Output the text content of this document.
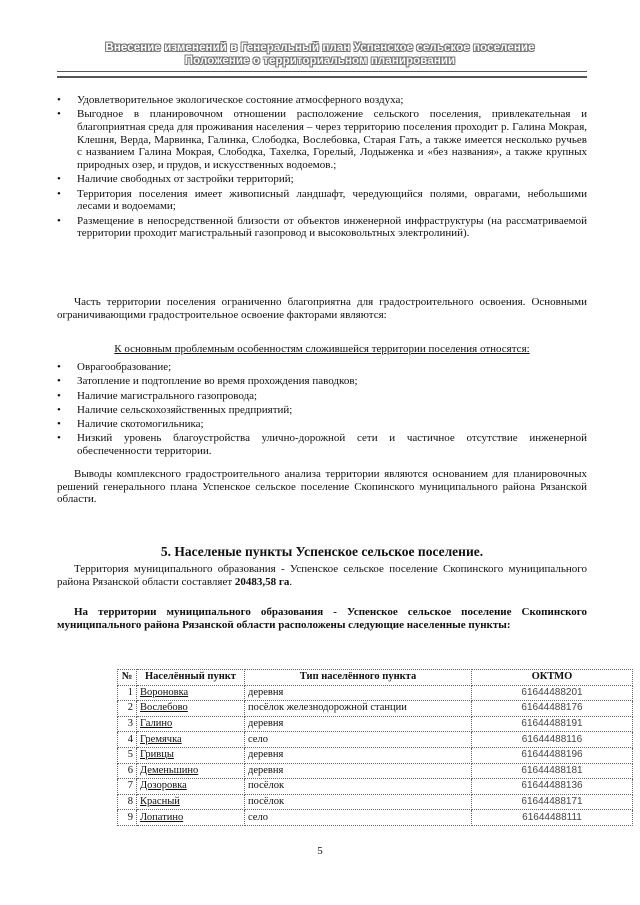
Внесение изменений в Генеральный план Успенское сельское поселение
Положение о территориальном планировании
• Удовлетворительное экологическое состояние атмосферного воздуха;
• Выгодное в планировочном отношении расположение сельского поселения, привлекательная и благоприятная среда для проживания населения – через территорию поселения проходит р. Галина Мокрая, Клешня, Верда, Марвинка, Галинка, Слободка, Вослебовка, Старая Гать, а также имеется несколько ручьев с названием Галина Мокрая, Слободка, Тахелка, Горелый, Лодыженка и «без названия», а также крупных природных озер, и прудов, и искусственных водоемов.;
• Наличие свободных от застройки территорий;
• Территория поселения имеет живописный ландшафт, чередующийся полями, оврагами, небольшими лесами и водоемами;
• Размещение в непосредственной близости от объектов инженерной инфраструктуры (на рассматриваемой территории проходит магистральный газопровод и высоковольтных электролиний).

Часть территории поселения ограниченно благоприятна для градостроительного освоения. Основными ограничивающими градостроительное освоение факторами являются:

К основным проблемным особенностям сложившейся территории поселения относятся:
• Оврагообразование;
• Затопление и подтопление во время прохождения паводков;
• Наличие магистрального газопровода;
• Наличие сельскохозяйственных предприятий;
• Наличие скотомогильника;
• Низкий уровень благоустройства улично-дорожной сети и частичное отсутствие инженерной обеспеченности территории.

Выводы комплексного градостроительного анализа территории являются основанием для планировочных решений генерального плана Успенское сельское поселение Скопинского муниципального района Рязанской области.

5. Населеные пункты Успенское сельское поселение.

Территория муниципального образования - Успенское сельское поселение Скопинского муниципального района Рязанской области составляет 20483,58 га.

На территории муниципального образования - Успенское сельское поселение Скопинского муниципального района Рязанской области расположены следующие населенные пункты:

№	Населённый пункт	Тип населённого пункта	ОКТМО
1	Вороновка	деревня	61644488201
2	Вослебово	посёлок железнодорожной станции	61644488176
3	Галино	деревня	61644488191
4	Гремячка	село	61644488116
5	Гривцы	деревня	61644488196
6	Деменьшино	деревня	61644488181
7	Дозоровка	посёлок	61644488136
8	Красный	посёлок	61644488171
9	Лопатино	село	61644488111
5
